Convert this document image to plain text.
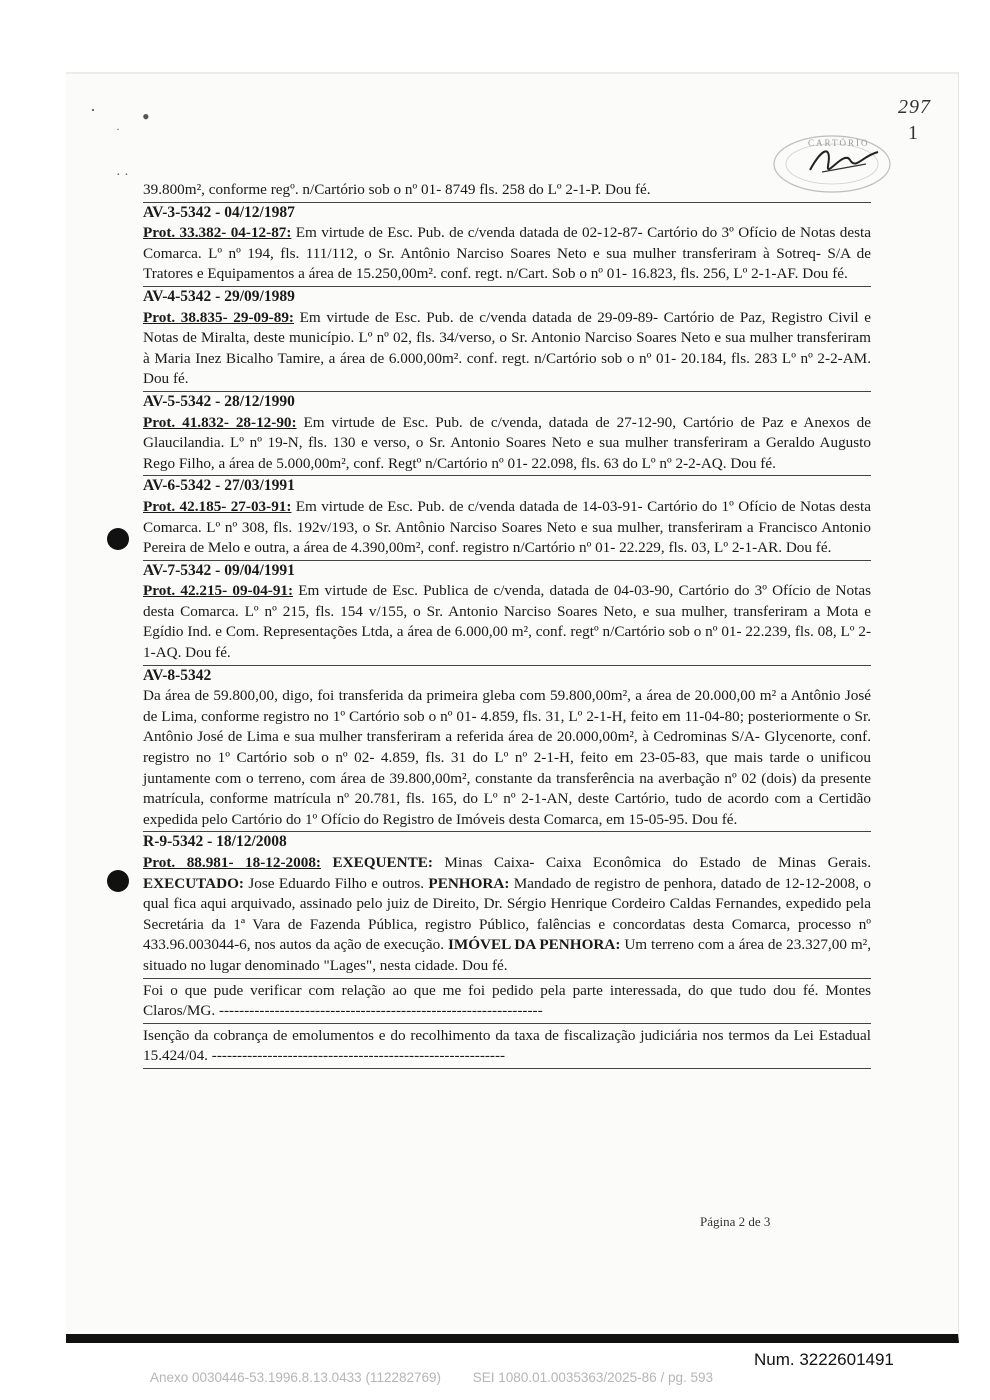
· •
·
· ·
297
1
CARTÓRIO
39.800m², conforme regº. n/Cartório sob o nº 01- 8749 fls. 258 do Lº 2-1-P. Dou fé.
AV-3-5342 - 04/12/1987
Prot. 33.382- 04-12-87: Em virtude de Esc. Pub. de c/venda datada de 02-12-87- Cartório do 3º Ofício de Notas desta Comarca. Lº nº 194, fls. 111/112, o Sr. Antônio Narciso Soares Neto e sua mulher transferiram à Sotreq- S/A de Tratores e Equipamentos a área de 15.250,00m². conf. regt. n/Cart. Sob o nº 01- 16.823, fls. 256, Lº 2-1-AF. Dou fé.
AV-4-5342 - 29/09/1989
Prot. 38.835- 29-09-89: Em virtude de Esc. Pub. de c/venda datada de 29-09-89- Cartório de Paz, Registro Civil e Notas de Miralta, deste município. Lº nº 02, fls. 34/verso, o Sr. Antonio Narciso Soares Neto e sua mulher transferiram à Maria Inez Bicalho Tamire, a área de 6.000,00m². conf. regt. n/Cartório sob o nº 01- 20.184, fls. 283 Lº nº 2-2-AM. Dou fé.
AV-5-5342 - 28/12/1990
Prot. 41.832- 28-12-90: Em virtude de Esc. Pub. de c/venda, datada de 27-12-90, Cartório de Paz e Anexos de Glaucilandia. Lº nº 19-N, fls. 130 e verso, o Sr. Antonio Soares Neto e sua mulher transferiram a Geraldo Augusto Rego Filho, a área de 5.000,00m², conf. Regtº n/Cartório nº 01- 22.098, fls. 63 do Lº nº 2-2-AQ. Dou fé.
AV-6-5342 - 27/03/1991
Prot. 42.185- 27-03-91: Em virtude de Esc. Pub. de c/venda datada de 14-03-91- Cartório do 1º Ofício de Notas desta Comarca. Lº nº 308, fls. 192v/193, o Sr. Antônio Narciso Soares Neto e sua mulher, transferiram a Francisco Antonio Pereira de Melo e outra, a área de 4.390,00m², conf. registro n/Cartório nº 01- 22.229, fls. 03, Lº 2-1-AR. Dou fé.
AV-7-5342 - 09/04/1991
Prot. 42.215- 09-04-91: Em virtude de Esc. Publica de c/venda, datada de 04-03-90, Cartório do 3º Ofício de Notas desta Comarca. Lº nº 215, fls. 154 v/155, o Sr. Antonio Narciso Soares Neto, e sua mulher, transferiram a Mota e Egídio Ind. e Com. Representações Ltda, a área de 6.000,00 m², conf. regtº n/Cartório sob o nº 01- 22.239, fls. 08, Lº 2-1-AQ. Dou fé.
AV-8-5342
Da área de 59.800,00, digo, foi transferida da primeira gleba com 59.800,00m², a área de 20.000,00 m² a Antônio José de Lima, conforme registro no 1º Cartório sob o nº 01- 4.859, fls. 31, Lº 2-1-H, feito em 11-04-80; posteriormente o Sr. Antônio José de Lima e sua mulher transferiram a referida área de 20.000,00m², à Cedrominas S/A- Glycenorte, conf. registro no 1º Cartório sob o nº 02- 4.859, fls. 31 do Lº nº 2-1-H, feito em 23-05-83, que mais tarde o unificou juntamente com o terreno, com área de 39.800,00m², constante da transferência na averbação nº 02 (dois) da presente matrícula, conforme matrícula nº 20.781, fls. 165, do Lº nº 2-1-AN, deste Cartório, tudo de acordo com a Certidão expedida pelo Cartório do 1º Ofício do Registro de Imóveis desta Comarca, em 15-05-95. Dou fé.
R-9-5342 - 18/12/2008
Prot. 88.981- 18-12-2008: EXEQUENTE: Minas Caixa- Caixa Econômica do Estado de Minas Gerais. EXECUTADO: Jose Eduardo Filho e outros. PENHORA: Mandado de registro de penhora, datado de 12-12-2008, o qual fica aqui arquivado, assinado pelo juiz de Direito, Dr. Sérgio Henrique Cordeiro Caldas Fernandes, expedido pela Secretária da 1ª Vara de Fazenda Pública, registro Público, falências e concordatas desta Comarca, processo nº 433.96.003044-6, nos autos da ação de execução. IMÓVEL DA PENHORA: Um terreno com a área de 23.327,00 m², situado no lugar denominado "Lages", nesta cidade. Dou fé.
Foi o que pude verificar com relação ao que me foi pedido pela parte interessada, do que tudo dou fé. Montes Claros/MG. ----------------------------------------------------------------
Isenção da cobrança de emolumentos e do recolhimento da taxa de fiscalização judiciária nos termos da Lei Estadual 15.424/04. ----------------------------------------------------------
Página 2 de 3
Num. 3222601491
Anexo 0030446-53.1996.8.13.0433 (112282769) SEI 1080.01.0035363/2025-86 / pg. 593
